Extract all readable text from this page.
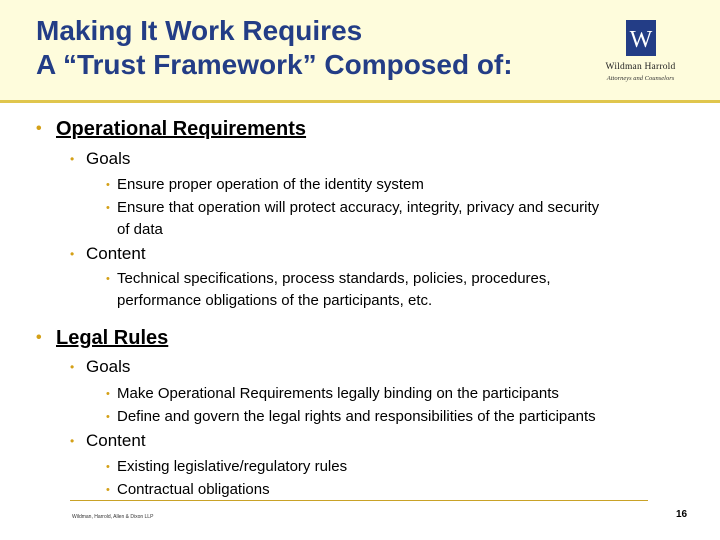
Making It Work Requires
A “Trust Framework” Composed of:
W
Wildman Harrold
Attorneys and Counselors
• Operational Requirements
• Goals
• Ensure proper operation of the identity system
• Ensure that operation will protect accuracy, integrity, privacy and security
of data
• Content
• Technical specifications, process standards, policies, procedures,
performance obligations of the participants, etc.
• Legal Rules
• Goals
• Make Operational Requirements legally binding on the participants
• Define and govern the legal rights and responsibilities of the participants
• Content
• Existing legislative/regulatory rules
• Contractual obligations
Wildman, Harrold, Allen & Dixon LLP	16
